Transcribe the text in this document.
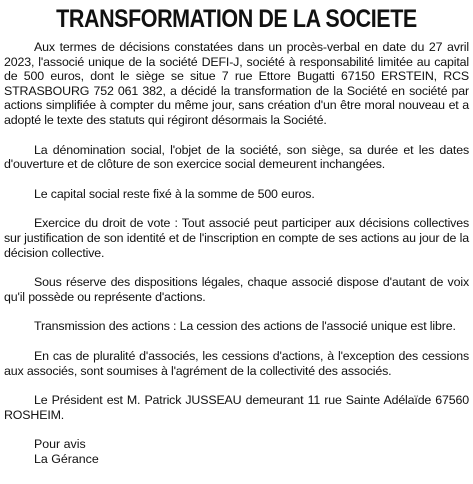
TRANSFORMATION DE LA SOCIETE

Aux termes de décisions constatées dans un procès-verbal en date du 27 avril 2023, l'associé unique de la société DEFI-J, société à responsabilité limitée au capital de 500 euros, dont le siège se situe 7 rue Ettore Bugatti 67150 ERSTEIN, RCS STRASBOURG 752 061 382, a décidé la transformation de la Société en société par actions simplifiée à compter du même jour, sans création d'un être moral nouveau et a adopté le texte des statuts qui régiront désormais la Société.

La dénomination social, l'objet de la société, son siège, sa durée et les dates d'ouverture et de clôture de son exercice social demeurent inchangées.

Le capital social reste fixé à la somme de 500 euros.

Exercice du droit de vote : Tout associé peut participer aux décisions collectives sur justification de son identité et de l'inscription en compte de ses actions au jour de la décision collective.

Sous réserve des dispositions légales, chaque associé dispose d'autant de voix qu'il possède ou représente d'actions.

Transmission des actions : La cession des actions de l'associé unique est libre.

En cas de pluralité d'associés, les cessions d'actions, à l'exception des cessions aux associés, sont soumises à l'agrément de la collectivité des associés.

Le Président est M. Patrick JUSSEAU demeurant 11 rue Sainte Adélaïde 67560 ROSHEIM.

Pour avis

La Gérance
